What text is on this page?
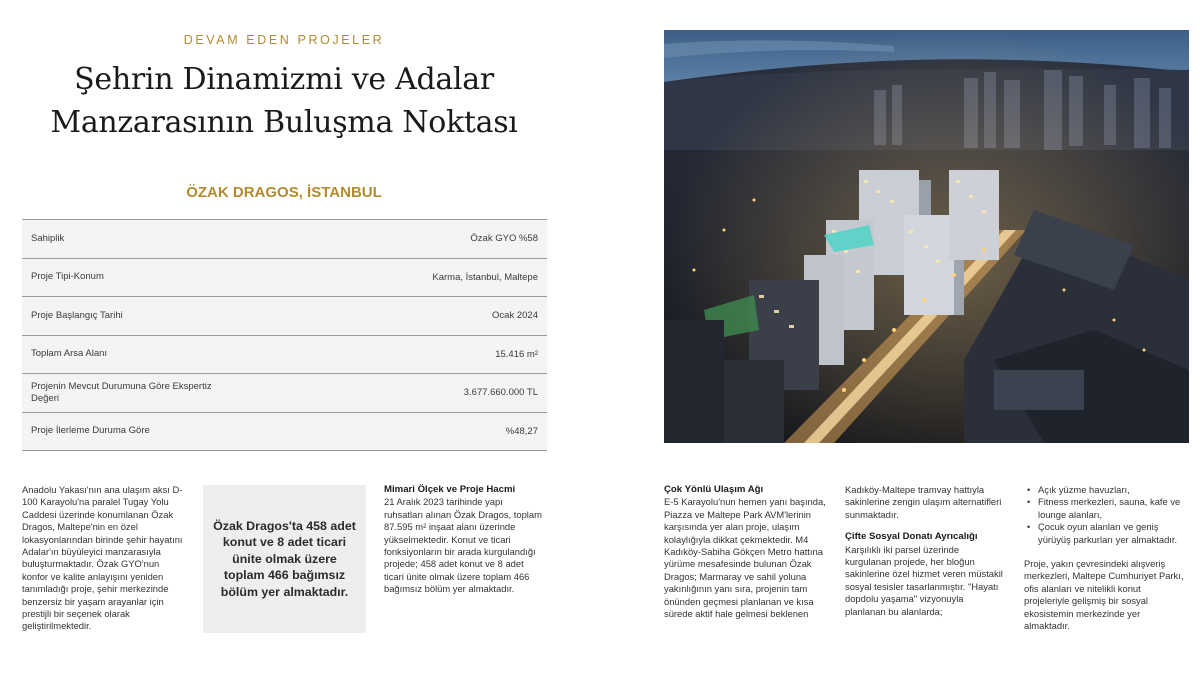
DEVAM EDEN PROJELER
Şehrin Dinamizmi ve Adalar
Manzarasının Buluşma Noktası
ÖZAK DRAGOS, İSTANBUL
Sahiplik	Özak GYO %58
Proje Tipi-Konum	Karma, İstanbul, Maltepe
Proje Başlangıç Tarihi	Ocak 2024
Toplam Arsa Alanı	15.416 m²
Projenin Mevcut Durumuna Göre Ekspertiz Değeri	3.677.660.000 TL
Proje İlerleme Duruma Göre	%48,27

Anadolu Yakası'nın ana ulaşım aksı D-100 Karayolu'na paralel Tugay Yolu Caddesi üzerinde konumlanan Özak Dragos, Maltepe'nin en özel lokasyonlarından birinde şehir hayatını Adalar'ın büyüleyici manzarasıyla buluşturmaktadır. Özak GYO'nun konfor ve kalite anlayışını yeniden tanımladığı proje, şehir merkezinde benzersiz bir yaşam arayanlar için prestijli bir seçenek olarak geliştirilmektedir.

Özak Dragos'ta 458 adet konut ve 8 adet ticari ünite olmak üzere toplam 466 bağımsız bölüm yer almaktadır.

Mimari Ölçek ve Proje Hacmi

21 Aralık 2023 tarihinde yapı ruhsatları alınan Özak Dragos, toplam 87.595 m² inşaat alanı üzerinde yükselmektedir. Konut ve ticari fonksiyonların bir arada kurgulandığı projede; 458 adet konut ve 8 adet ticari ünite olmak üzere toplam 466 bağımsız bölüm yer almaktadır.

Çok Yönlü Ulaşım Ağı

E-5 Karayolu'nun hemen yanı başında, Piazza ve Maltepe Park AVM'lerinin karşısında yer alan proje, ulaşım kolaylığıyla dikkat çekmektedir. M4 Kadıköy-Sabiha Gökçen Metro hattına yürüme mesafesinde bulunan Özak Dragos; Marmaray ve sahil yoluna yakınlığının yanı sıra, projenin tam önünden geçmesi planlanan ve kısa sürede aktif hale gelmesi beklenen

Kadıköy-Maltepe tramvay hattıyla sakinlerine zengin ulaşım alternatifleri sunmaktadır.

Çifte Sosyal Donatı Ayrıcalığı

Karşılıklı iki parsel üzerinde kurgulanan projede, her bloğun sakinlerine özel hizmet veren müstakil sosyal tesisler tasarlanmıştır. "Hayatı dopdolu yaşama" vizyonuyla planlanan bu alanlarda;

• Açık yüzme havuzları,
• Fitness merkezleri, sauna, kafe ve lounge alanları,
• Çocuk oyun alanları ve geniş yürüyüş parkurları yer almaktadır.

Proje, yakın çevresindeki alışveriş merkezleri, Maltepe Cumhuriyet Parkı, ofis alanları ve nitelikli konut projeleriyle gelişmiş bir sosyal ekosistemin merkezinde yer almaktadır.
